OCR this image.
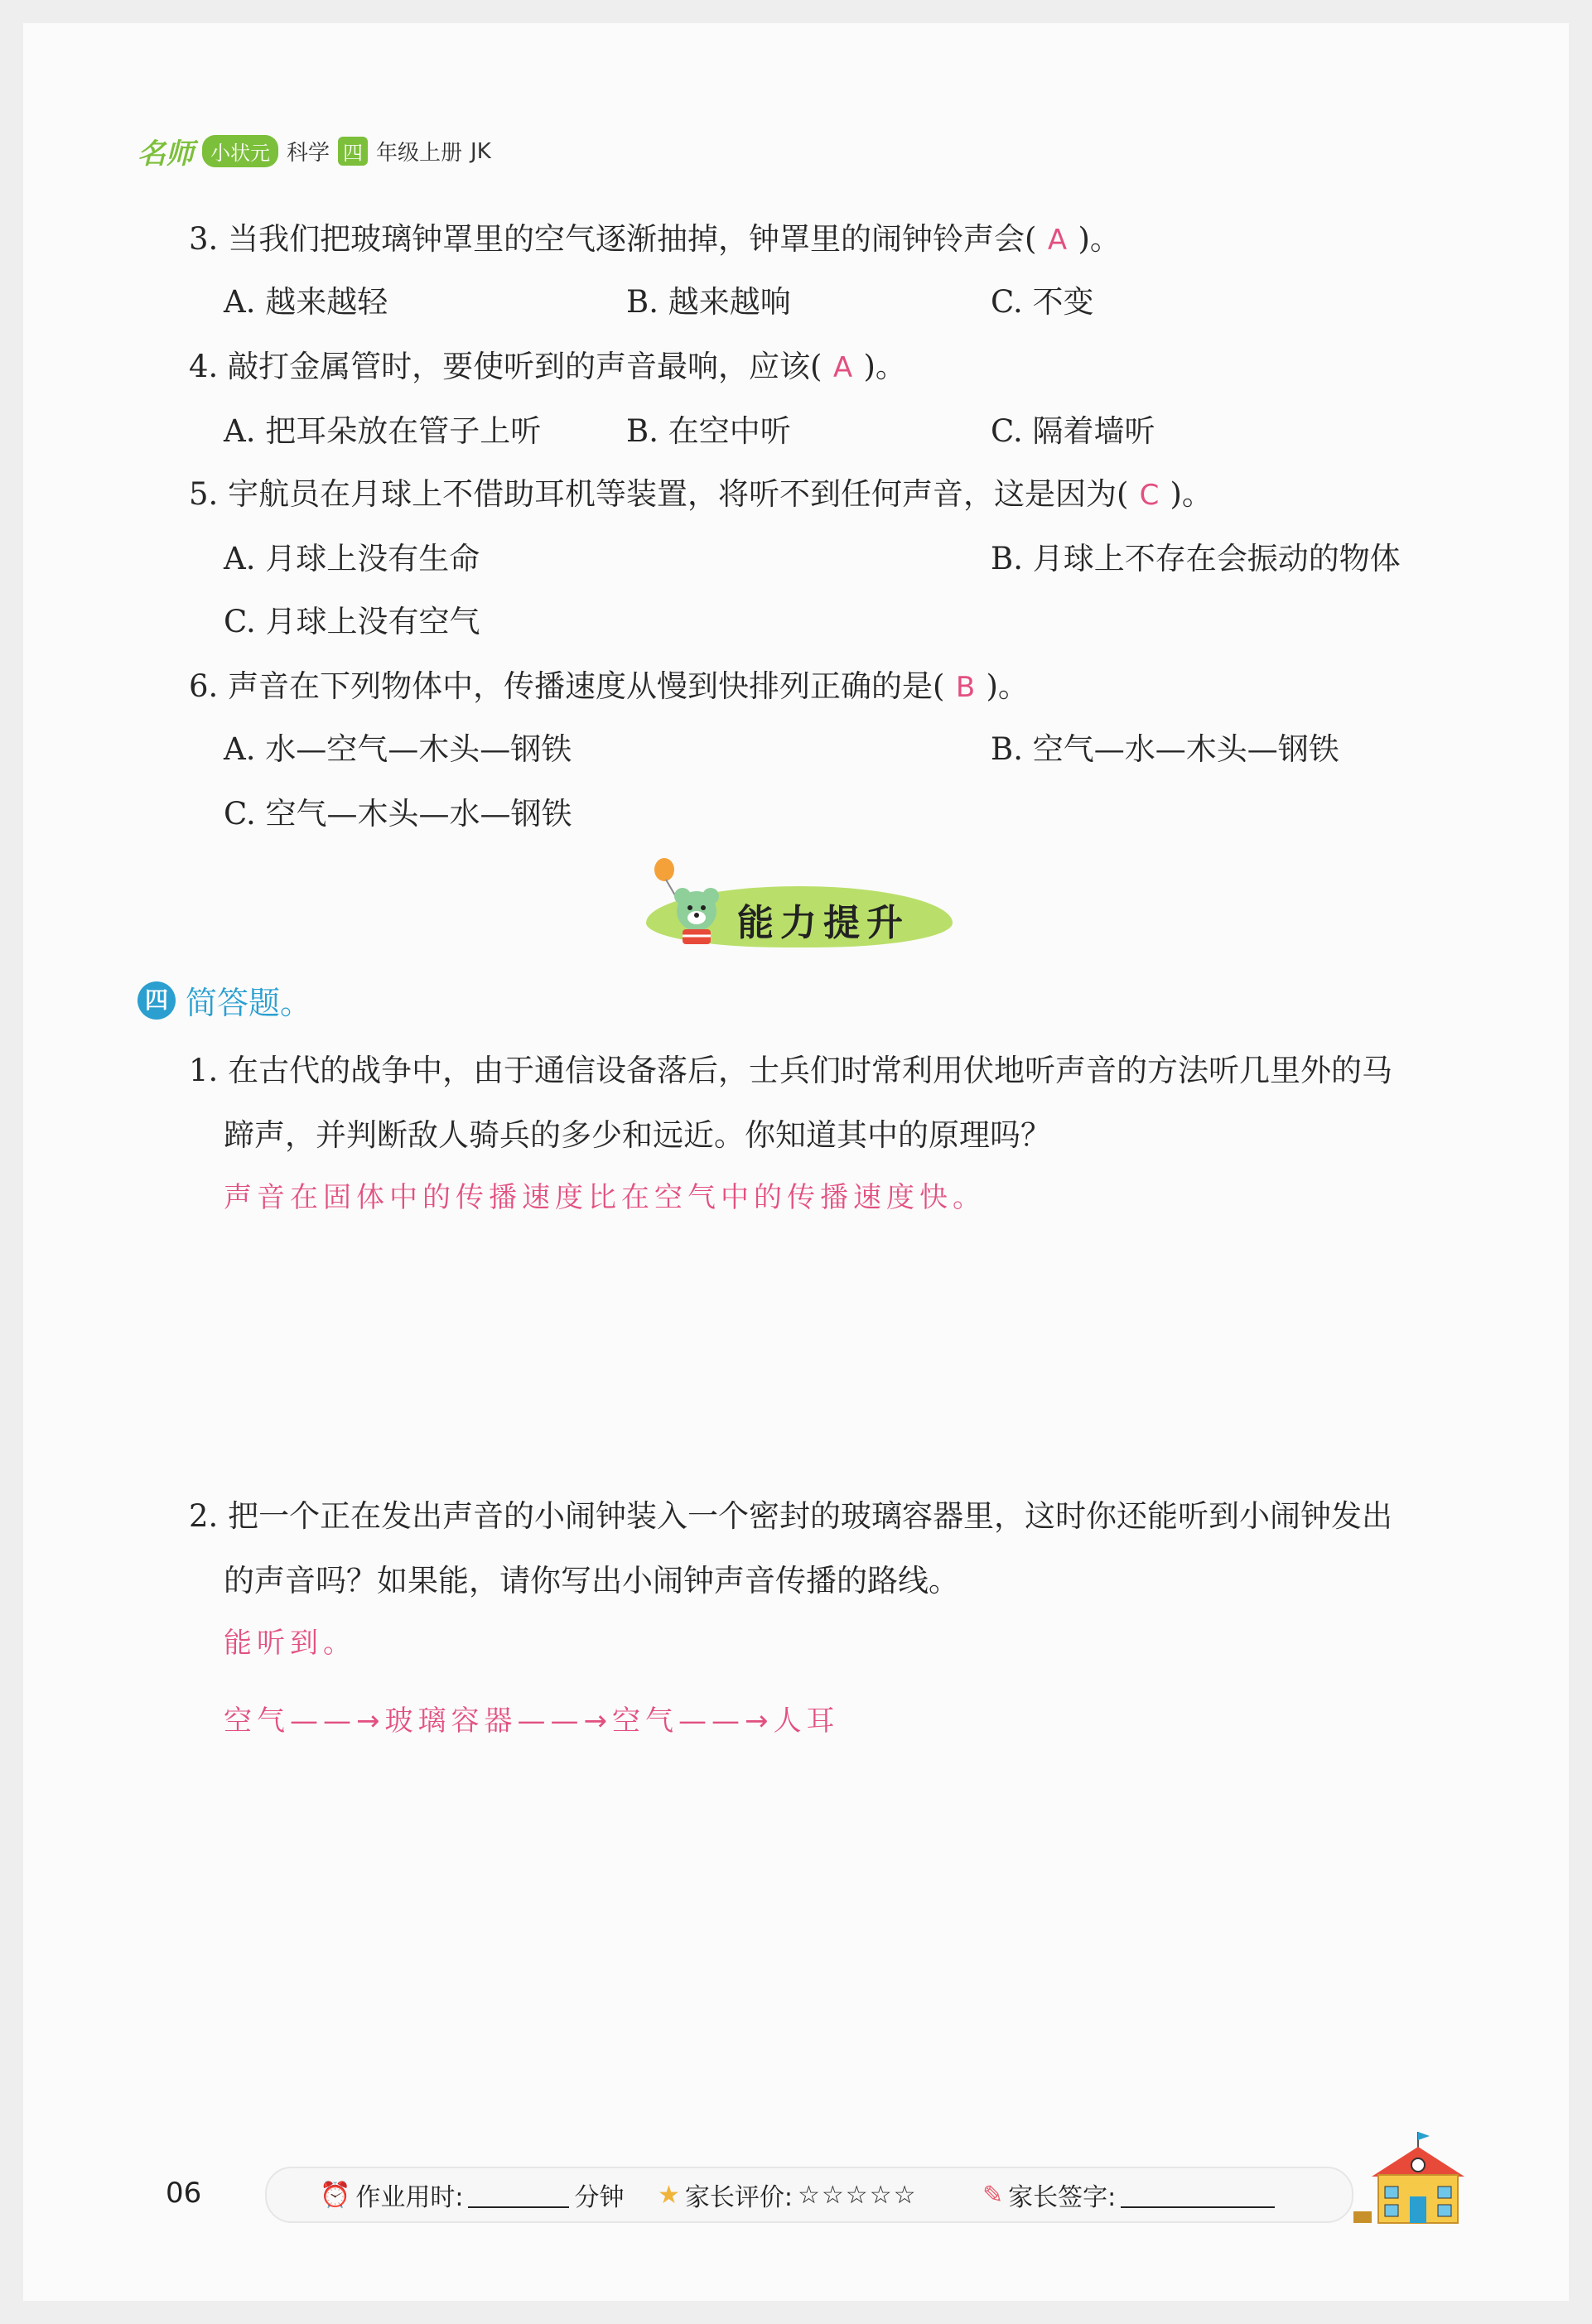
名师 小状元 科学 四 年级上册 JK
3. 当我们把玻璃钟罩里的空气逐渐抽掉，钟罩里的闹钟铃声会( A )。
A. 越来越轻	B. 越来越响	C. 不变
4. 敲打金属管时，要使听到的声音最响，应该( A )。
A. 把耳朵放在管子上听	B. 在空中听	C. 隔着墙听
5. 宇航员在月球上不借助耳机等装置，将听不到任何声音，这是因为( C )。
A. 月球上没有生命	B. 月球上不存在会振动的物体
C. 月球上没有空气
6. 声音在下列物体中，传播速度从慢到快排列正确的是( B )。
A. 水—空气—木头—钢铁	B. 空气—水—木头—钢铁
C. 空气—木头—水—钢铁
能力提升
四 简答题。
1. 在古代的战争中，由于通信设备落后，士兵们时常利用伏地听声音的方法听几里外的马
蹄声，并判断敌人骑兵的多少和远近。你知道其中的原理吗？
声音在固体中的传播速度比在空气中的传播速度快。
2. 把一个正在发出声音的小闹钟装入一个密封的玻璃容器里，这时你还能听到小闹钟发出
的声音吗？如果能，请你写出小闹钟声音传播的路线。
能听到。
空气——→玻璃容器——→空气——→人耳
06	⏰ 作业用时:	分钟 ★ 家长评价: ☆☆☆☆☆	✎ 家长签字:
